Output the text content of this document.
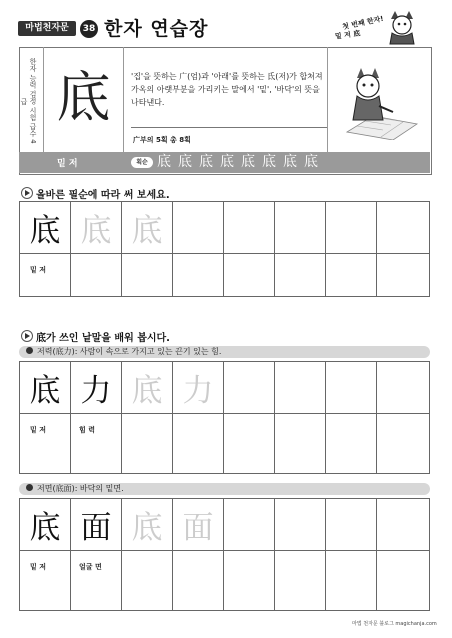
마법천자문	38 한자 연습장	첫 번째 한자!
밑 저 底
한자 능력 검정 시험 급수 4급 底	'집'을 뜻하는 广(엄)과 '아래'를 뜻하는 氐(저)가 합쳐져 가옥의 아랫부분을 가리키는 말에서 '밑', '바닥'의 뜻을 나타낸다.
广부의 5획 총 8획
밑 저	획순 底 底 底 底 底 底 底 底
올바른 필순에 따라 써 보세요.
底	底	底					
밑 저							
底가 쓰인 낱말을 배워 봅시다.
저력(底力): 사람이 속으로 가지고 있는 끈기 있는 힘.
底	力	底	力				
밑 저	힘 력						

저면(底面): 바닥의 밑면.
底	面	底	面				
밑 저	얼굴 면						
마법 천자문 블로그 magichanja.com
